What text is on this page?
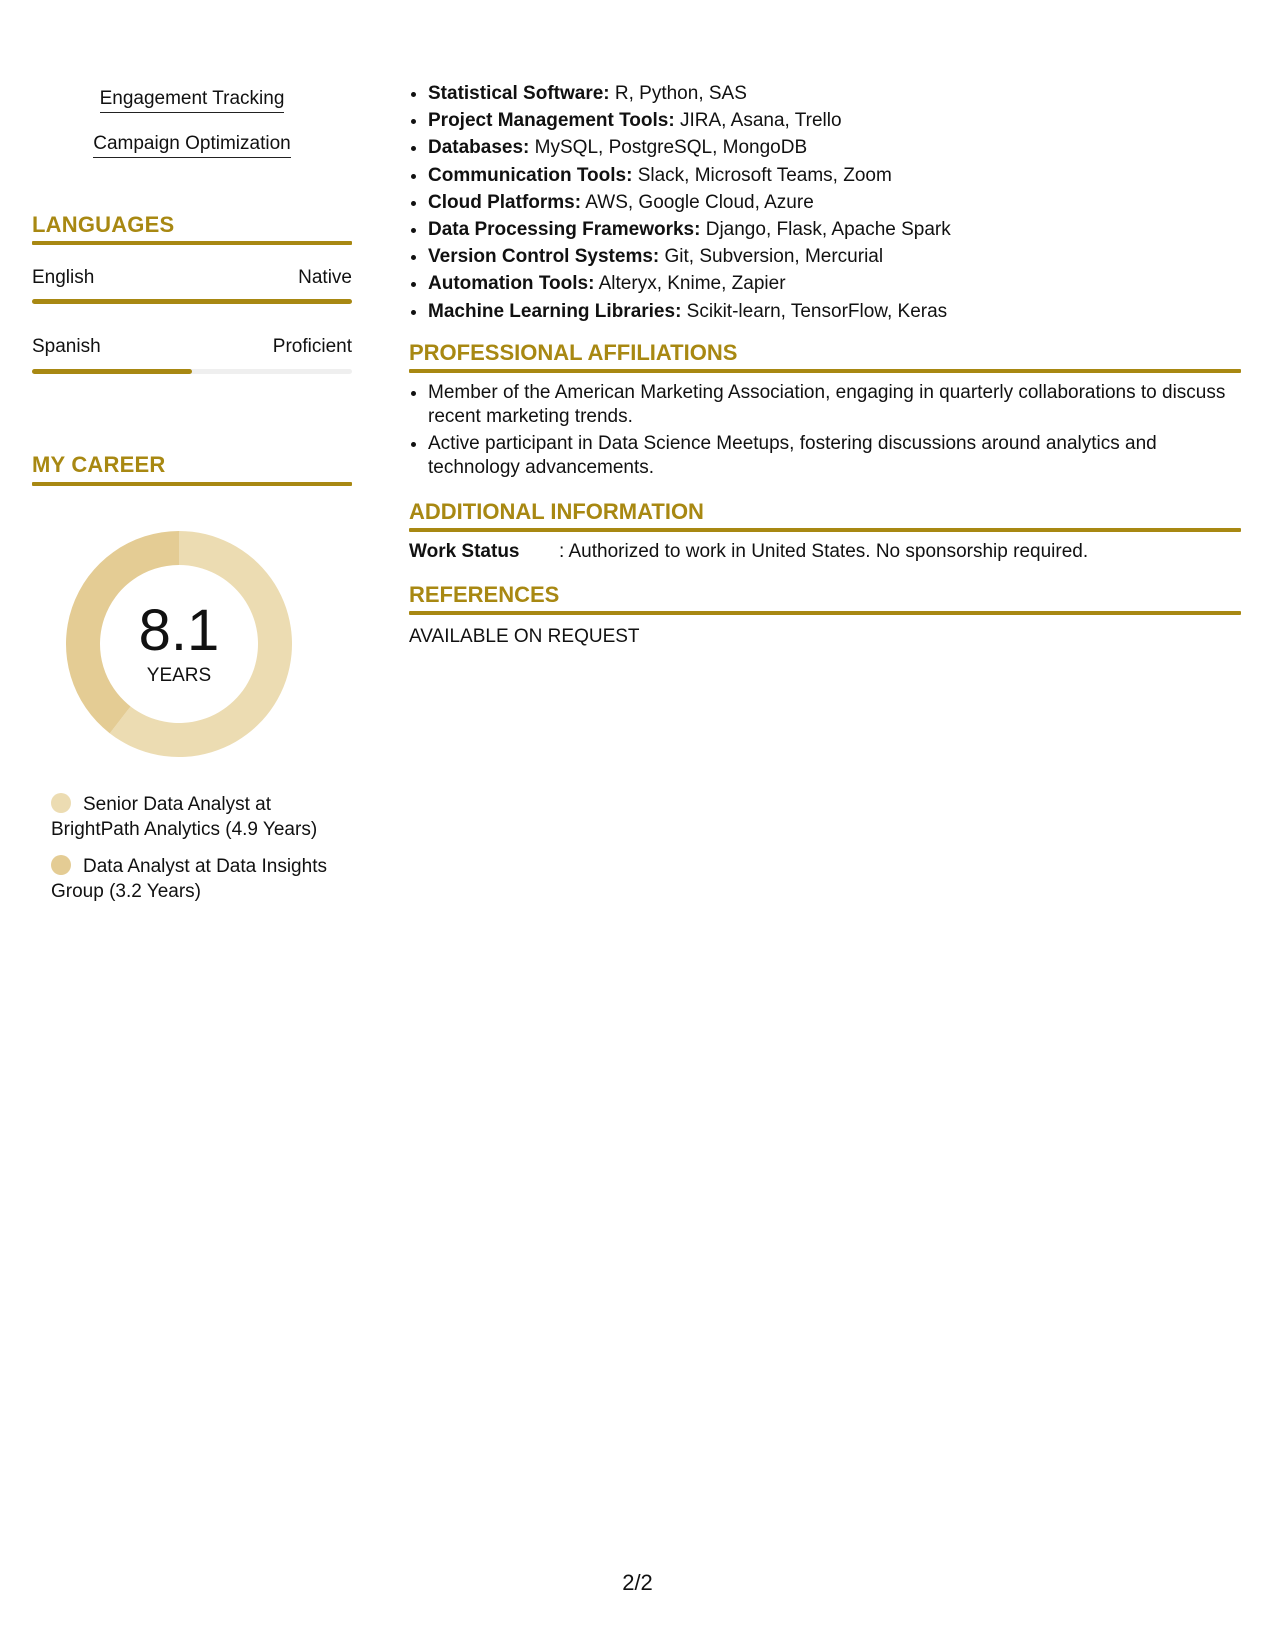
Engagement Tracking
Campaign Optimization
LANGUAGES
English	Native
Spanish	Proficient
MY CAREER
8.1
YEARS
Senior Data Analyst at BrightPath Analytics (4.9 Years)
Data Analyst at Data Insights Group (3.2 Years)
• Statistical Software: R, Python, SAS
• Project Management Tools: JIRA, Asana, Trello
• Databases: MySQL, PostgreSQL, MongoDB
• Communication Tools: Slack, Microsoft Teams, Zoom
• Cloud Platforms: AWS, Google Cloud, Azure
• Data Processing Frameworks: Django, Flask, Apache Spark
• Version Control Systems: Git, Subversion, Mercurial
• Automation Tools: Alteryx, Knime, Zapier
• Machine Learning Libraries: Scikit-learn, TensorFlow, Keras
PROFESSIONAL AFFILIATIONS
• Member of the American Marketing Association, engaging in quarterly collaborations to discuss recent marketing trends.
• Active participant in Data Science Meetups, fostering discussions around analytics and technology advancements.
ADDITIONAL INFORMATION
Work Status : Authorized to work in United States. No sponsorship required.
REFERENCES
AVAILABLE ON REQUEST
2/2
